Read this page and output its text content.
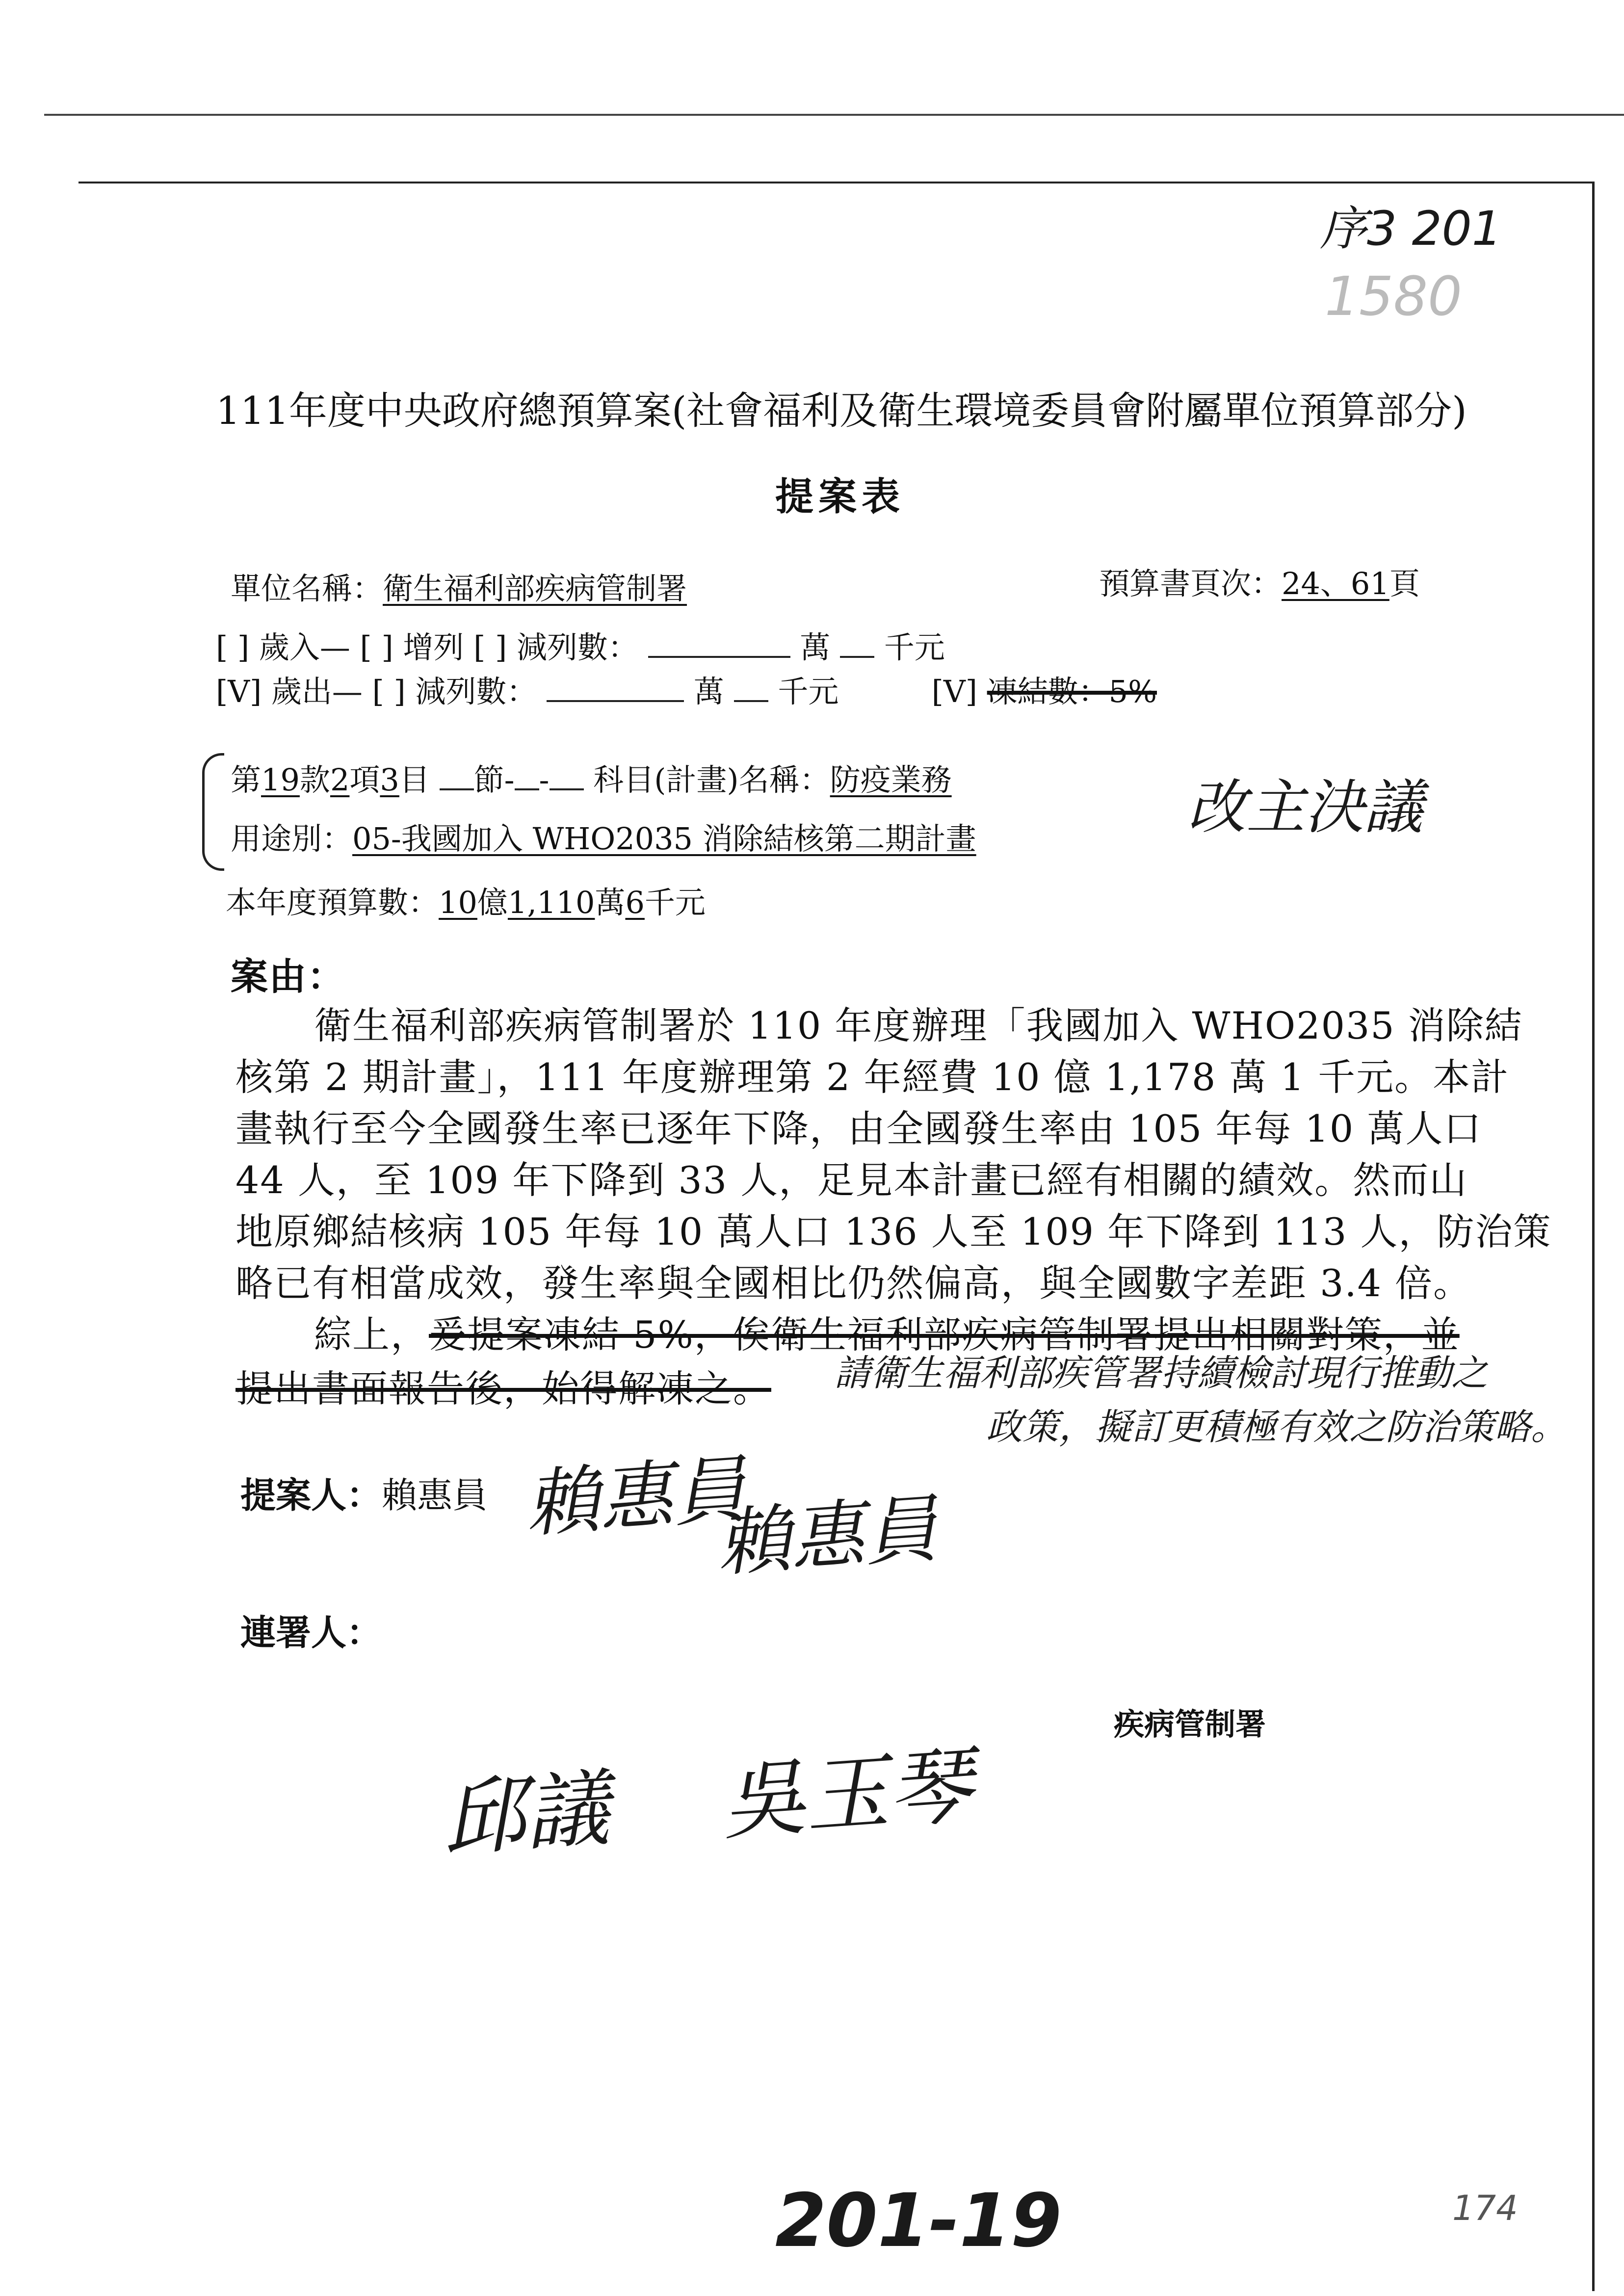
序3 201
1580
111年度中央政府總預算案(社會福利及衛生環境委員會附屬單位預算部分)
提案表
單位名稱：衛生福利部疾病管制署	預算書頁次：24、61頁
[ ] 歲入— [ ] 增列 [ ] 減列數：	萬 千元
[V] 歲出— [ ] 減列數：	萬 千元	[V] 凍結數：5%
第19款2項3目 節- - 科目(計畫)名稱：防疫業務
用途別：05-我國加入 WHO2035 消除結核第二期計畫	改主決議
本年度預算數：10億1,110萬6千元
案由：
衛生福利部疾病管制署於 110 年度辦理「我國加入 WHO2035 消除結
核第 2 期計畫」，111 年度辦理第 2 年經費 10 億 1,178 萬 1 千元。本計
畫執行至今全國發生率已逐年下降，由全國發生率由 105 年每 10 萬人口
44 人，至 109 年下降到 33 人，足見本計畫已經有相關的績效。然而山
地原鄉結核病 105 年每 10 萬人口 136 人至 109 年下降到 113 人，防治策
略已有相當成效，發生率與全國相比仍然偏高，與全國數字差距 3.4 倍。
綜上，爰提案凍結 5%，俟衛生福利部疾病管制署提出相關對策，並
提出書面報告後，始得解凍之。 請衛生福利部疾管署持續檢討現行推動之
政策，擬訂更積極有效之防治策略。
提案人：賴惠員 賴惠員
賴惠員
連署人：
疾病管制署
邱議 吳玉琴
201-19	174
